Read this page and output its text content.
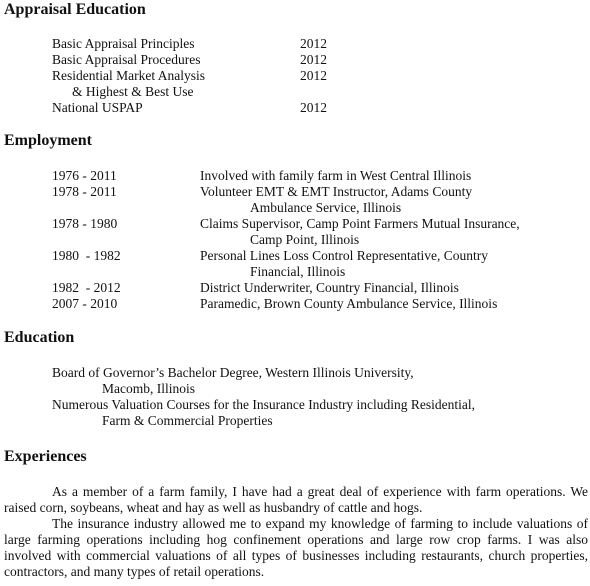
Appraisal Education
Basic Appraisal Principles	2012
Basic Appraisal Procedures	2012
Residential Market Analysis	2012
& Highest & Best Use
National USPAP	2012
Employment
1976 - 2011	Involved with family farm in West Central Illinois
1978 - 2011	Volunteer EMT & EMT Instructor, Adams County
Ambulance Service, Illinois
1978 - 1980	Claims Supervisor, Camp Point Farmers Mutual Insurance,
Camp Point, Illinois
1980  - 1982	Personal Lines Loss Control Representative, Country
Financial, Illinois
1982  - 2012	District Underwriter, Country Financial, Illinois
2007 - 2010	Paramedic, Brown County Ambulance Service, Illinois
Education
Board of Governor’s Bachelor Degree, Western Illinois University,
Macomb, Illinois
Numerous Valuation Courses for the Insurance Industry including Residential,
Farm & Commercial Properties
Experiences

As a member of a farm family, I have had a great deal of experience with farm operations. We raised corn, soybeans, wheat and hay as well as husbandry of cattle and hogs.

The insurance industry allowed me to expand my knowledge of farming to include valuations of large farming operations including hog confinement operations and large row crop farms. I was also involved with commercial valuations of all types of businesses including restaurants, church properties, contractors, and many types of retail operations.
